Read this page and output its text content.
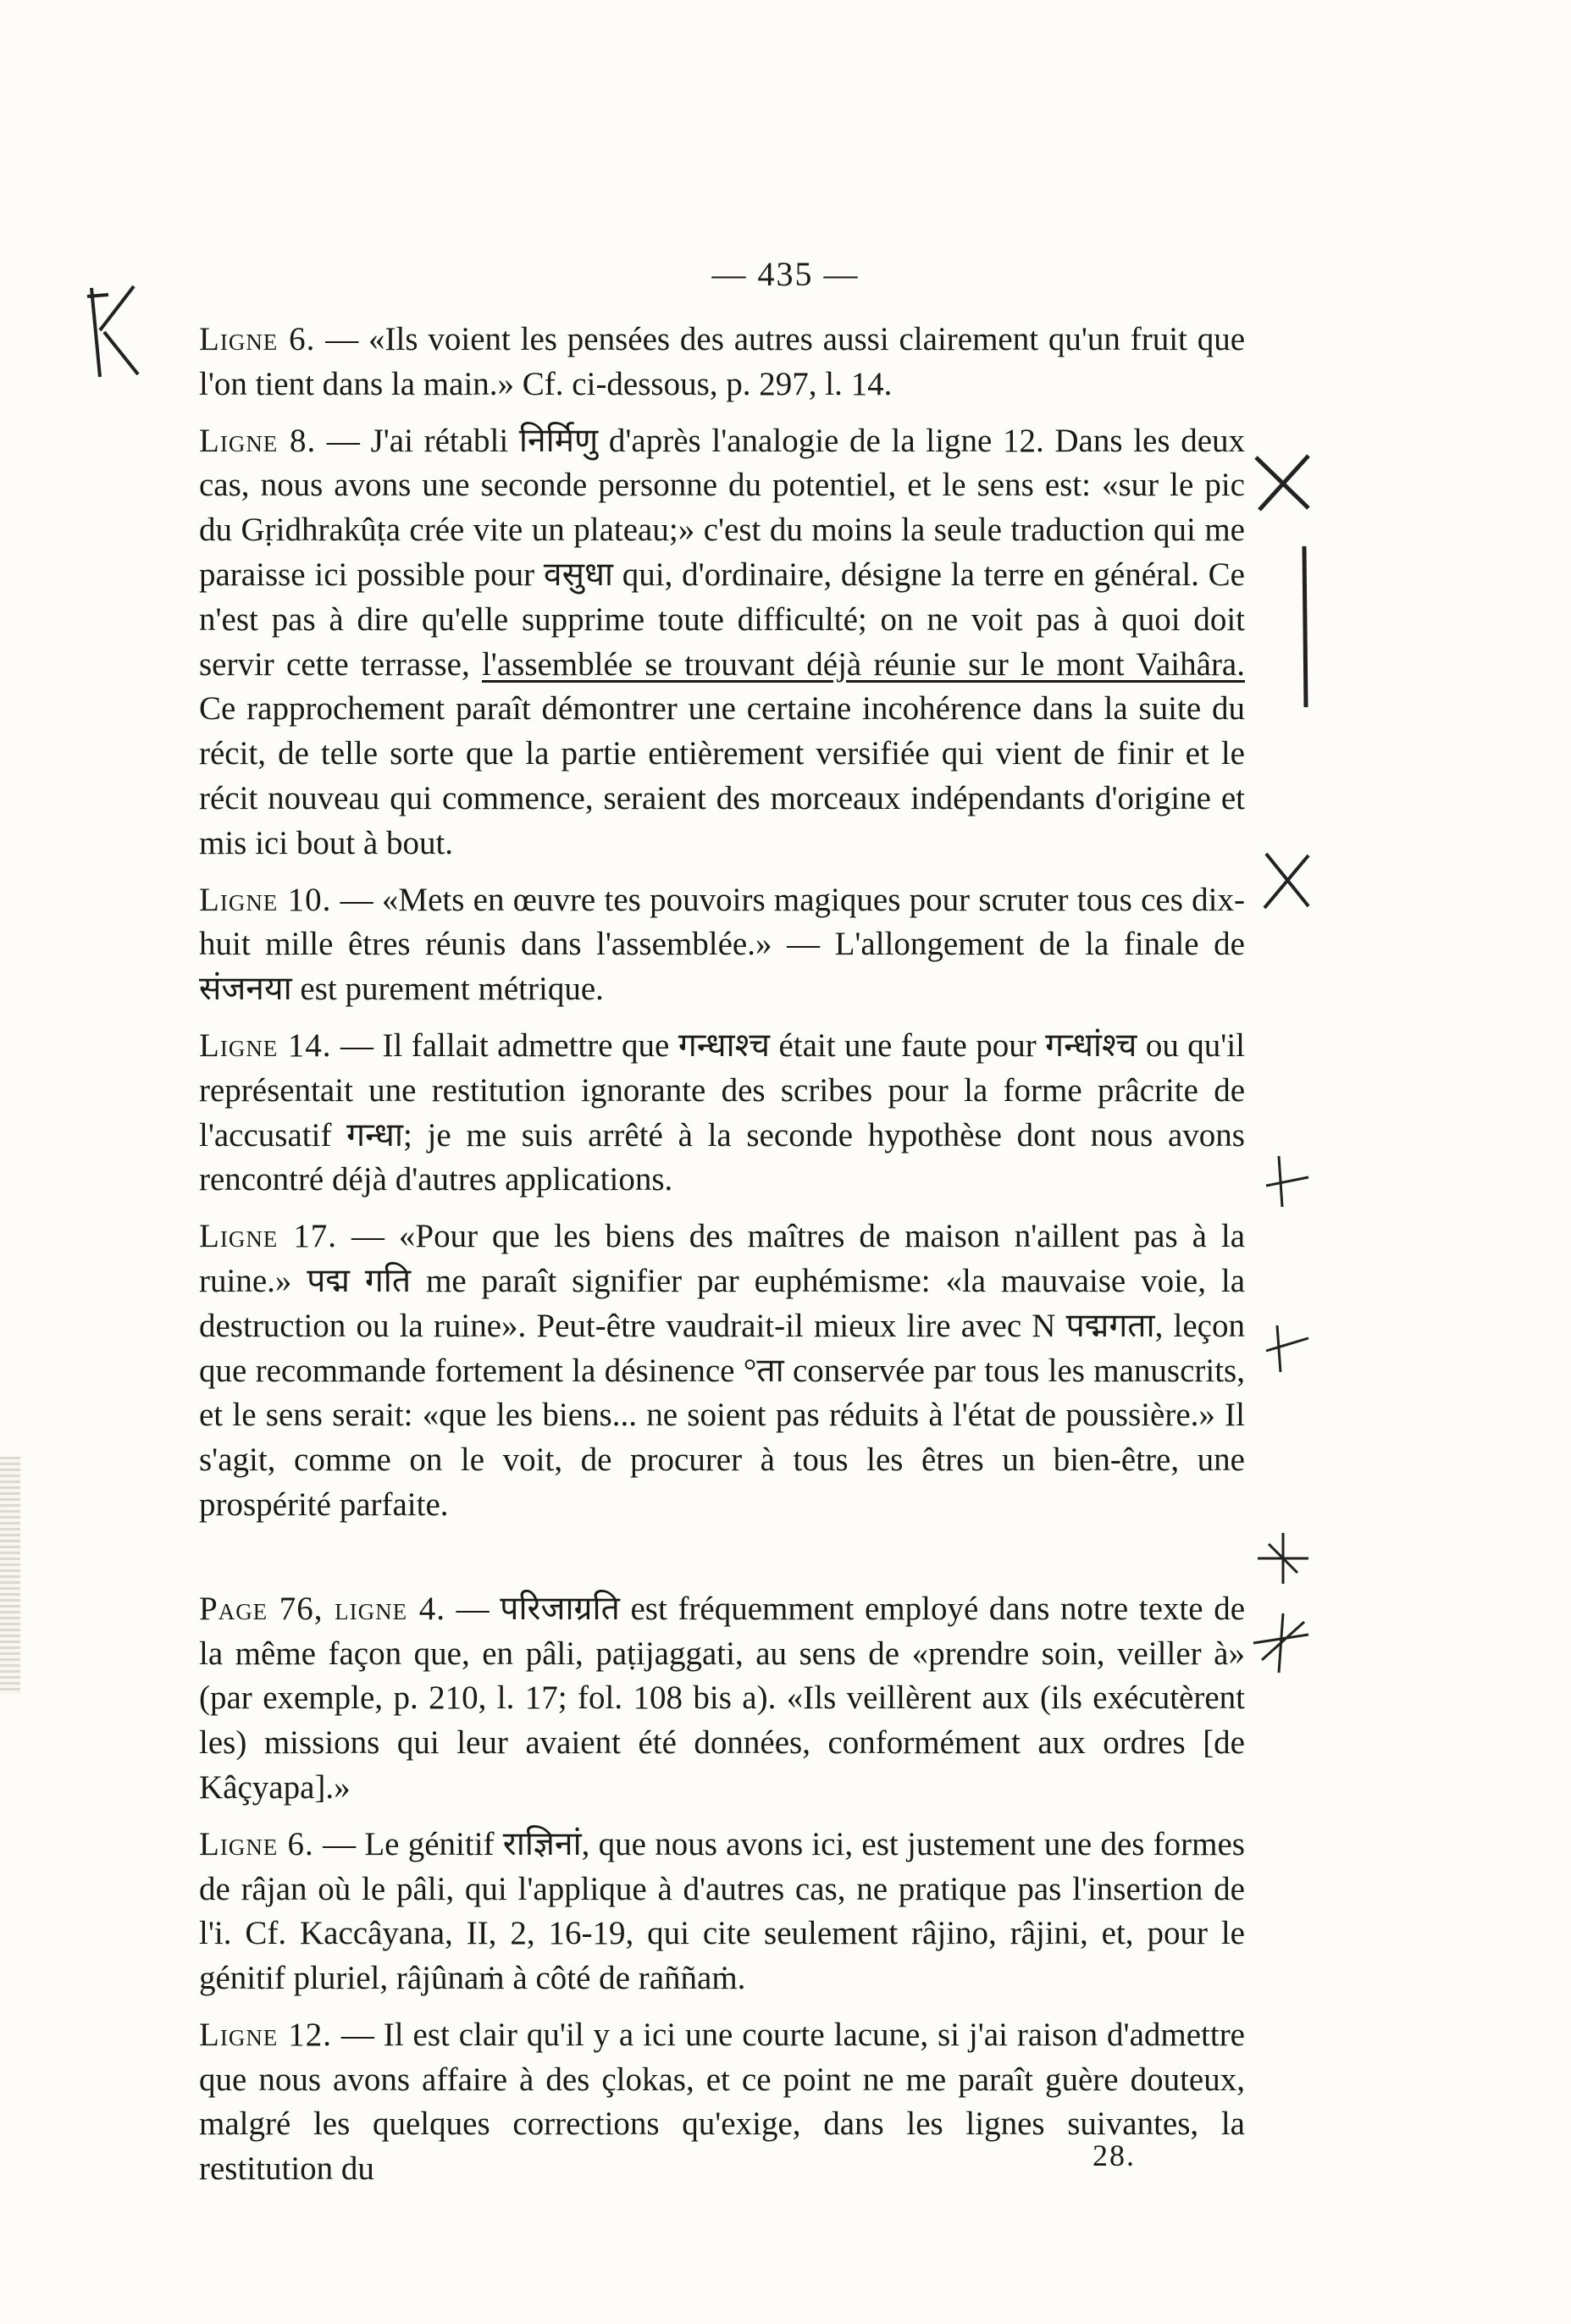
— 435 —

Ligne 6. — «Ils voient les pensées des autres aussi clairement qu'un fruit que l'on tient dans la main.» Cf. ci-dessous, p. 297, l. 14.

Ligne 8. — J'ai rétabli निर्मिणु d'après l'analogie de la ligne 12. Dans les deux cas, nous avons une seconde personne du potentiel, et le sens est: «sur le pic du Gṛidhrakûṭa crée vite un plateau;» c'est du moins la seule traduction qui me paraisse ici possible pour वसुधा qui, d'ordinaire, désigne la terre en général. Ce n'est pas à dire qu'elle supprime toute difficulté; on ne voit pas à quoi doit servir cette terrasse, l'assemblée se trouvant déjà réunie sur le mont Vaihâra. Ce rapprochement paraît démontrer une certaine incohérence dans la suite du récit, de telle sorte que la partie entièrement versifiée qui vient de finir et le récit nouveau qui commence, seraient des morceaux indépendants d'origine et mis ici bout à bout.

Ligne 10. — «Mets en œuvre tes pouvoirs magiques pour scruter tous ces dix-huit mille êtres réunis dans l'assemblée.» — L'allongement de la finale de संजनया est purement métrique.

Ligne 14. — Il fallait admettre que गन्धाश्च était une faute pour गन्धांश्च ou qu'il représentait une restitution ignorante des scribes pour la forme prâcrite de l'accusatif गन्धा; je me suis arrêté à la seconde hypothèse dont nous avons rencontré déjà d'autres applications.

Ligne 17. — «Pour que les biens des maîtres de maison n'aillent pas à la ruine.» पद्म गति me paraît signifier par euphémisme: «la mauvaise voie, la destruction ou la ruine». Peut-être vaudrait-il mieux lire avec N पद्मगता, leçon que recommande fortement la désinence °ता conservée par tous les manuscrits, et le sens serait: «que les biens... ne soient pas réduits à l'état de poussière.» Il s'agit, comme on le voit, de procurer à tous les êtres un bien-être, une prospérité parfaite.

Page 76, ligne 4. — परिजाग्रति est fréquemment employé dans notre texte de la même façon que, en pâli, paṭijaggati, au sens de «prendre soin, veiller à» (par exemple, p. 210, l. 17; fol. 108 bis a). «Ils veillèrent aux (ils exécutèrent les) missions qui leur avaient été données, conformément aux ordres [de Kâçyapa].»

Ligne 6. — Le génitif राज्ञिनां, que nous avons ici, est justement une des formes de râjan où le pâli, qui l'applique à d'autres cas, ne pratique pas l'insertion de l'i. Cf. Kaccâyana, II, 2, 16-19, qui cite seulement râjino, râjini, et, pour le génitif pluriel, râjûnaṁ à côté de raññaṁ.

Ligne 12. — Il est clair qu'il y a ici une courte lacune, si j'ai raison d'admettre que nous avons affaire à des çlokas, et ce point ne me paraît guère douteux, malgré les quelques corrections qu'exige, dans les lignes suivantes, la restitution du	28.
